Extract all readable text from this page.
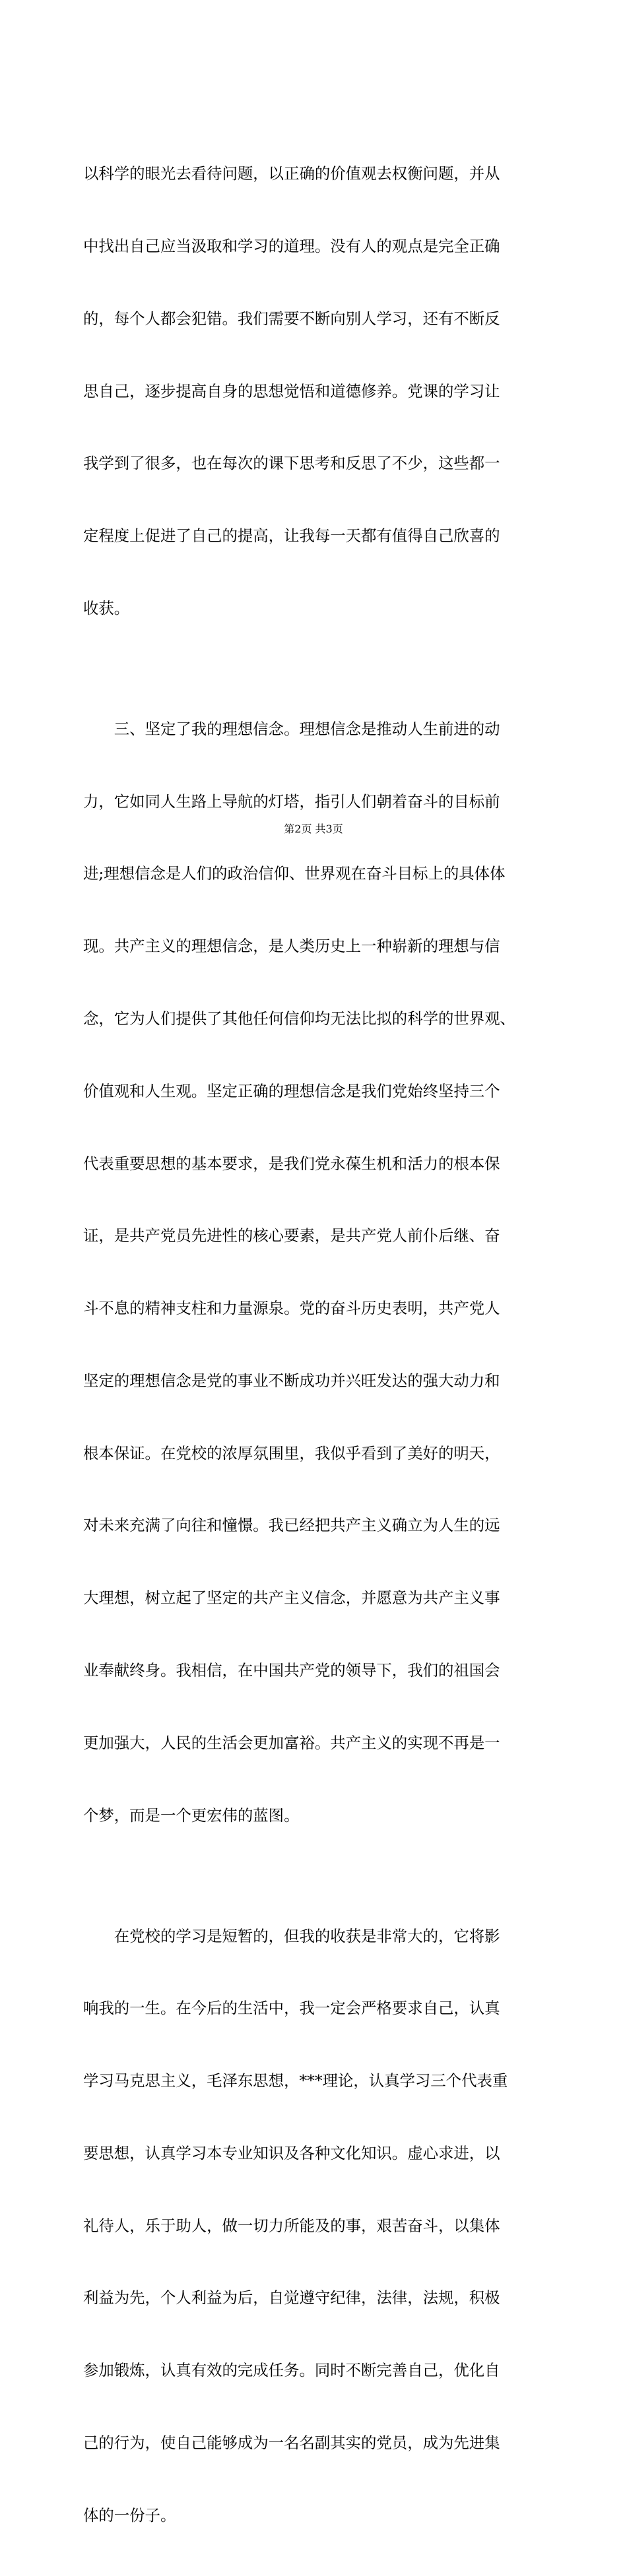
以科学的眼光去看待问题，以正确的价值观去权衡问题，并从

中找出自己应当汲取和学习的道理。没有人的观点是完全正确

的，每个人都会犯错。我们需要不断向别人学习，还有不断反

思自己，逐步提高自身的思想觉悟和道德修养。党课的学习让

我学到了很多，也在每次的课下思考和反思了不少，这些都一

定程度上促进了自己的提高，让我每一天都有值得自己欣喜的

收获。

　　三、坚定了我的理想信念。理想信念是推动人生前进的动

力，它如同人生路上导航的灯塔，指引人们朝着奋斗的目标前

进;理想信念是人们的政治信仰、世界观在奋斗目标上的具体体

现。共产主义的理想信念，是人类历史上一种崭新的理想与信

念，它为人们提供了其他任何信仰均无法比拟的科学的世界观、

价值观和人生观。坚定正确的理想信念是我们党始终坚持三个

代表重要思想的基本要求，是我们党永葆生机和活力的根本保

证，是共产党员先进性的核心要素，是共产党人前仆后继、奋

斗不息的精神支柱和力量源泉。党的奋斗历史表明，共产党人

坚定的理想信念是党的事业不断成功并兴旺发达的强大动力和

根本保证。在党校的浓厚氛围里，我似乎看到了美好的明天，

对未来充满了向往和憧憬。我已经把共产主义确立为人生的远

大理想，树立起了坚定的共产主义信念，并愿意为共产主义事

业奉献终身。我相信，在中国共产党的领导下，我们的祖国会

更加强大，人民的生活会更加富裕。共产主义的实现不再是一

个梦，而是一个更宏伟的蓝图。

　　在党校的学习是短暂的，但我的收获是非常大的，它将影

响我的一生。在今后的生活中，我一定会严格要求自己，认真

学习马克思主义，毛泽东思想，***理论，认真学习三个代表重

要思想，认真学习本专业知识及各种文化知识。虚心求进，以

礼待人，乐于助人，做一切力所能及的事，艰苦奋斗，以集体

利益为先，个人利益为后，自觉遵守纪律，法律，法规，积极

参加锻炼，认真有效的完成任务。同时不断完善自己，优化自

己的行为，使自己能够成为一名名副其实的党员，成为先进集

体的一份子。

第2页 共3页
